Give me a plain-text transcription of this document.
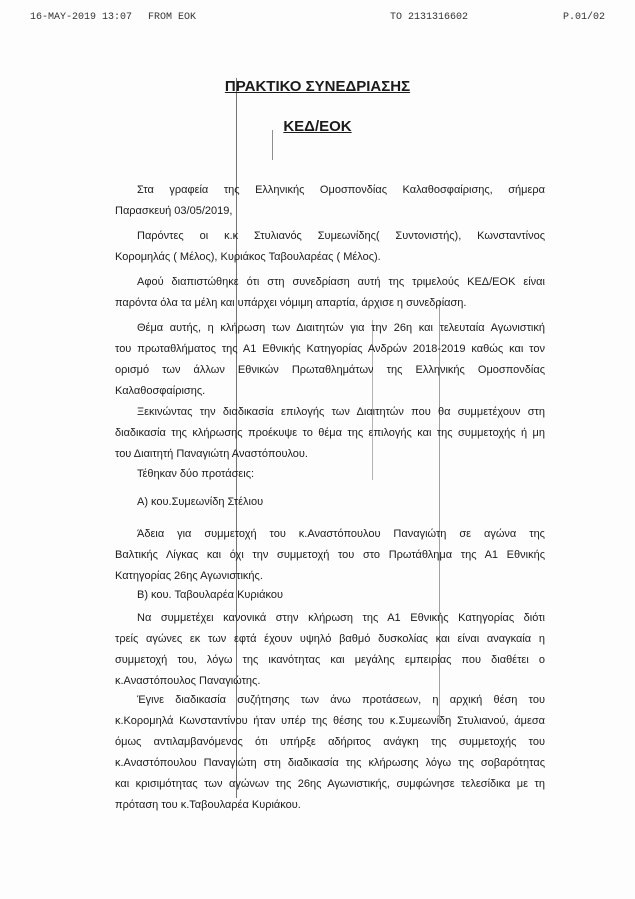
16-MAY-2019 13:07 FROM EOK	TO 2131316602	P.01/02
ΠΡΑΚΤΙΚΟ ΣΥΝΕΔΡΙΑΣΗΣ
ΚΕΔ/ΕΟΚ
Στα γραφεία της Ελληνικής Ομοσπονδίας Καλαθοσφαίρισης, σήμερα
Παρασκευή 03/05/2019,
Παρόντες οι κ.κ Στυλιανός Συμεωνίδης( Συντονιστής), Κωνσταντίνος
Κορομηλάς ( Μέλος), Κυριάκος Ταβουλαρέας ( Μέλος).
Αφού διαπιστώθηκε ότι στη συνεδρίαση αυτή της τριμελούς ΚΕΔ/ΕΟΚ είναι
παρόντα όλα τα μέλη και υπάρχει νόμιμη απαρτία, άρχισε η συνεδρίαση.
Θέμα αυτής, η κλήρωση των Διαιτητών για την 26η και τελευταία Αγωνιστική
του πρωταθλήματος της Α1 Εθνικής Κατηγορίας Ανδρών 2018-2019 καθώς και τον
ορισμό των άλλων Εθνικών Πρωταθλημάτων της Ελληνικής Ομοσπονδίας
Καλαθοσφαίρισης.
Ξεκινώντας την διαδικασία επιλογής των Διαιτητών που θα συμμετέχουν στη
διαδικασία της κλήρωσης προέκυψε το θέμα της επιλογής και της συμμετοχής ή μη
του Διαιτητή Παναγιώτη Αναστόπουλου.
Τέθηκαν δύο προτάσεις:
Α) κου.Συμεωνίδη Στέλιου
Άδεια για συμμετοχή του κ.Αναστόπουλου Παναγιώτη σε αγώνα της
Βαλτικής Λίγκας και όχι την συμμετοχή του στο Πρωτάθλημα της Α1 Εθνικής
Κατηγορίας 26ης Αγωνιστικής.
Β) κου. Ταβουλαρέα Κυριάκου
Να συμμετέχει κανονικά στην κλήρωση της Α1 Εθνικής Κατηγορίας διότι
τρείς αγώνες εκ των εφτά έχουν υψηλό βαθμό δυσκολίας και είναι αναγκαία η
συμμετοχή του, λόγω της ικανότητας και μεγάλης εμπειρίας που διαθέτει ο
κ.Αναστόπουλος Παναγιώτης.
Έγινε διαδικασία συζήτησης των άνω προτάσεων, η αρχική θέση του
κ.Κορομηλά Κωνσταντίνου ήταν υπέρ της θέσης του κ.Συμεωνίδη Στυλιανού, άμεσα
όμως αντιλαμβανόμενος ότι υπήρξε αδήριτος ανάγκη της συμμετοχής του
κ.Αναστόπουλου Παναγιώτη στη διαδικασία της κλήρωσης λόγω της σοβαρότητας
και κρισιμότητας των αγώνων της 26ης Αγωνιστικής, συμφώνησε τελεσίδικα με τη
πρόταση του κ.Ταβουλαρέα Κυριάκου.
